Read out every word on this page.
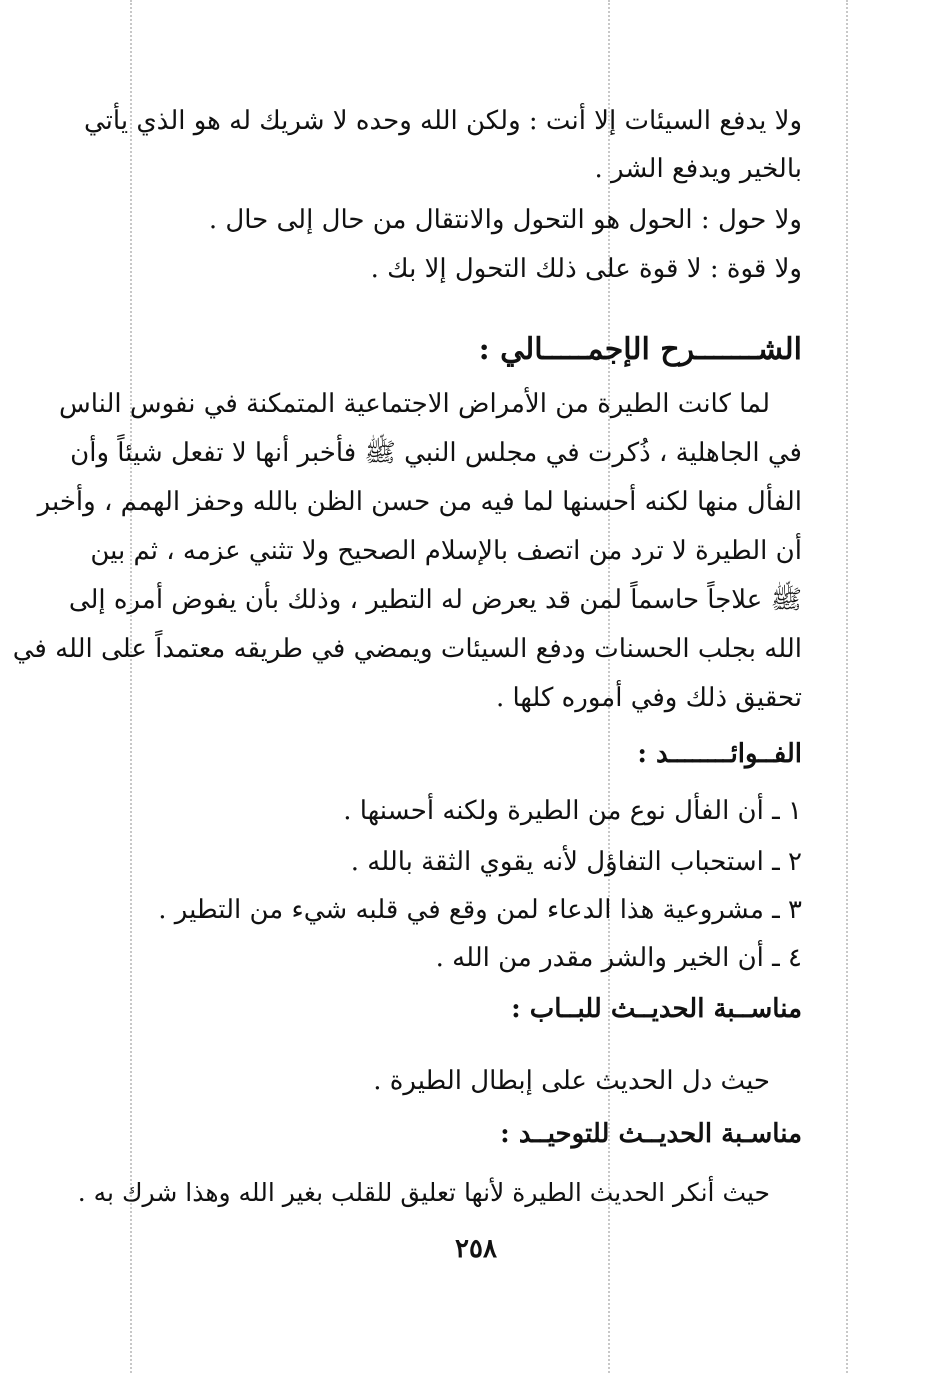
ولا يدفع السيئات إلا أنت : ولكن الله وحده لا شريك له هو الذي يأتي
بالخير ويدفع الشر .
ولا حول : الحول هو التحول والانتقال من حال إلى حال .
ولا قوة : لا قوة على ذلك التحول إلا بك .
الشـــــــرح الإجمـــــالي :
لما كانت الطيرة من الأمراض الاجتماعية المتمكنة في نفوس الناس
في الجاهلية ، ذُكرت في مجلس النبي ﷺ فأخبر أنها لا تفعل شيئاً وأن
الفأل منها لكنه أحسنها لما فيه من حسن الظن بالله وحفز الهمم ، وأخبر
أن الطيرة لا ترد من اتصف بالإسلام الصحيح ولا تثني عزمه ، ثم بين
ﷺ علاجاً حاسماً لمن قد يعرض له التطير ، وذلك بأن يفوض أمره إلى
الله بجلب الحسنات ودفع السيئات ويمضي في طريقه معتمداً على الله في
تحقيق ذلك وفي أموره كلها .
الفــوائــــــــد :
١ ـ أن الفأل نوع من الطيرة ولكنه أحسنها .
٢ ـ استحباب التفاؤل لأنه يقوي الثقة بالله .
٣ ـ مشروعية هذا الدعاء لمن وقع في قلبه شيء من التطير .
٤ ـ أن الخير والشر مقدر من الله .
مناســبة الحديــث للبــاب :
حيث دل الحديث على إبطال الطيرة .
مناسـبة الحديــث للتوحيــد :
حيث أنكر الحديث الطيرة لأنها تعليق للقلب بغير الله وهذا شرك به .
٢٥٨
